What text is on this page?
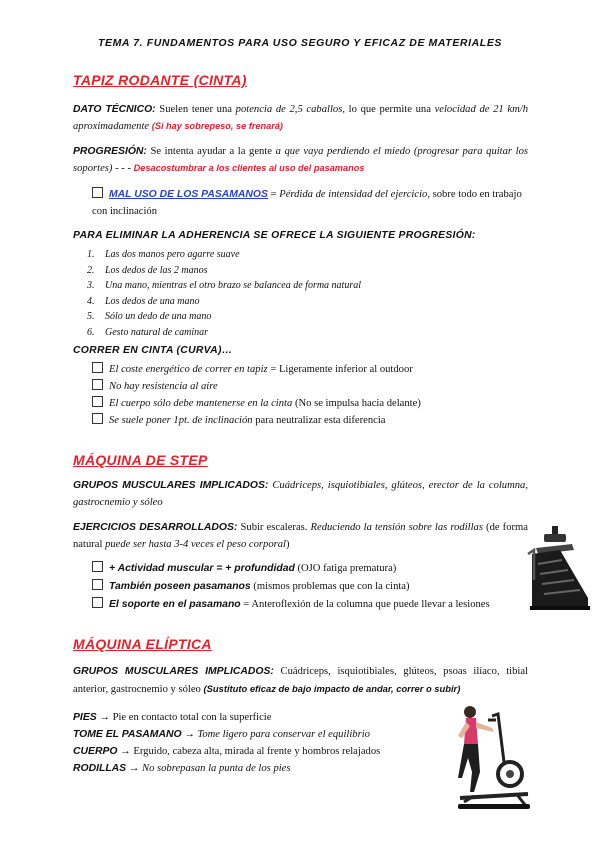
TEMA 7. FUNDAMENTOS PARA USO SEGURO Y EFICAZ DE MATERIALES
TAPIZ RODANTE (CINTA)
DATO TÉCNICO: Suelen tener una potencia de 2,5 caballos, lo que permite una velocidad de 21 km/h aproximadamente (Si hay sobrepeso, se frenará)
PROGRESIÓN: Se intenta ayudar a la gente a que vaya perdiendo el miedo (progresar para quitar los soportes) - - - Desacostumbrar a los clientes al uso del pasamanos
MAL USO DE LOS PASAMANOS = Pérdida de intensidad del ejercicio, sobre todo en trabajo con inclinación
PARA ELIMINAR LA ADHERENCIA SE OFRECE LA SIGUIENTE PROGRESIÓN:
1. Las dos manos pero agarre suave
2. Los dedos de las 2 manos
3. Una mano, mientras el otro brazo se balancea de forma natural
4. Los dedos de una mano
5. Sólo un dedo de una mano
6. Gesto natural de caminar
CORRER EN CINTA (CURVA)…
El coste energético de correr en tapiz = Ligeramente inferior al outdoor
No hay resistencia al aire
El cuerpo sólo debe mantenerse en la cinta (No se impulsa hacia delante)
Se suele poner 1pt. de inclinación para neutralizar esta diferencia
MÁQUINA DE STEP
GRUPOS MUSCULARES IMPLICADOS: Cuádriceps, isquiotibiales, glúteos, erector de la columna, gastrocnemio y sóleo
EJERCICIOS DESARROLLADOS: Subir escaleras. Reduciendo la tensión sobre las rodillas (de forma natural puede ser hasta 3-4 veces el peso corporal)
+ Actividad muscular = + profundidad (OJO fatiga prematura)
También poseen pasamanos (mismos problemas que con la cinta)
El soporte en el pasamano = Anteroflexión de la columna que puede llevar a lesiones
MÁQUINA ELÍPTICA
GRUPOS MUSCULARES IMPLICADOS: Cuádriceps, isquiotibiales, glúteos, psoas ilíaco, tibial anterior, gastrocnemio y sóleo (Sustituto eficaz de bajo impacto de andar, correr o subir)
PIES → Pie en contacto total con la superficie
TOME EL PASAMANO → Tome ligero para conservar el equilibrio
CUERPO → Erguido, cabeza alta, mirada al frente y hombros relajados
RODILLAS → No sobrepasan la punta de los pies
